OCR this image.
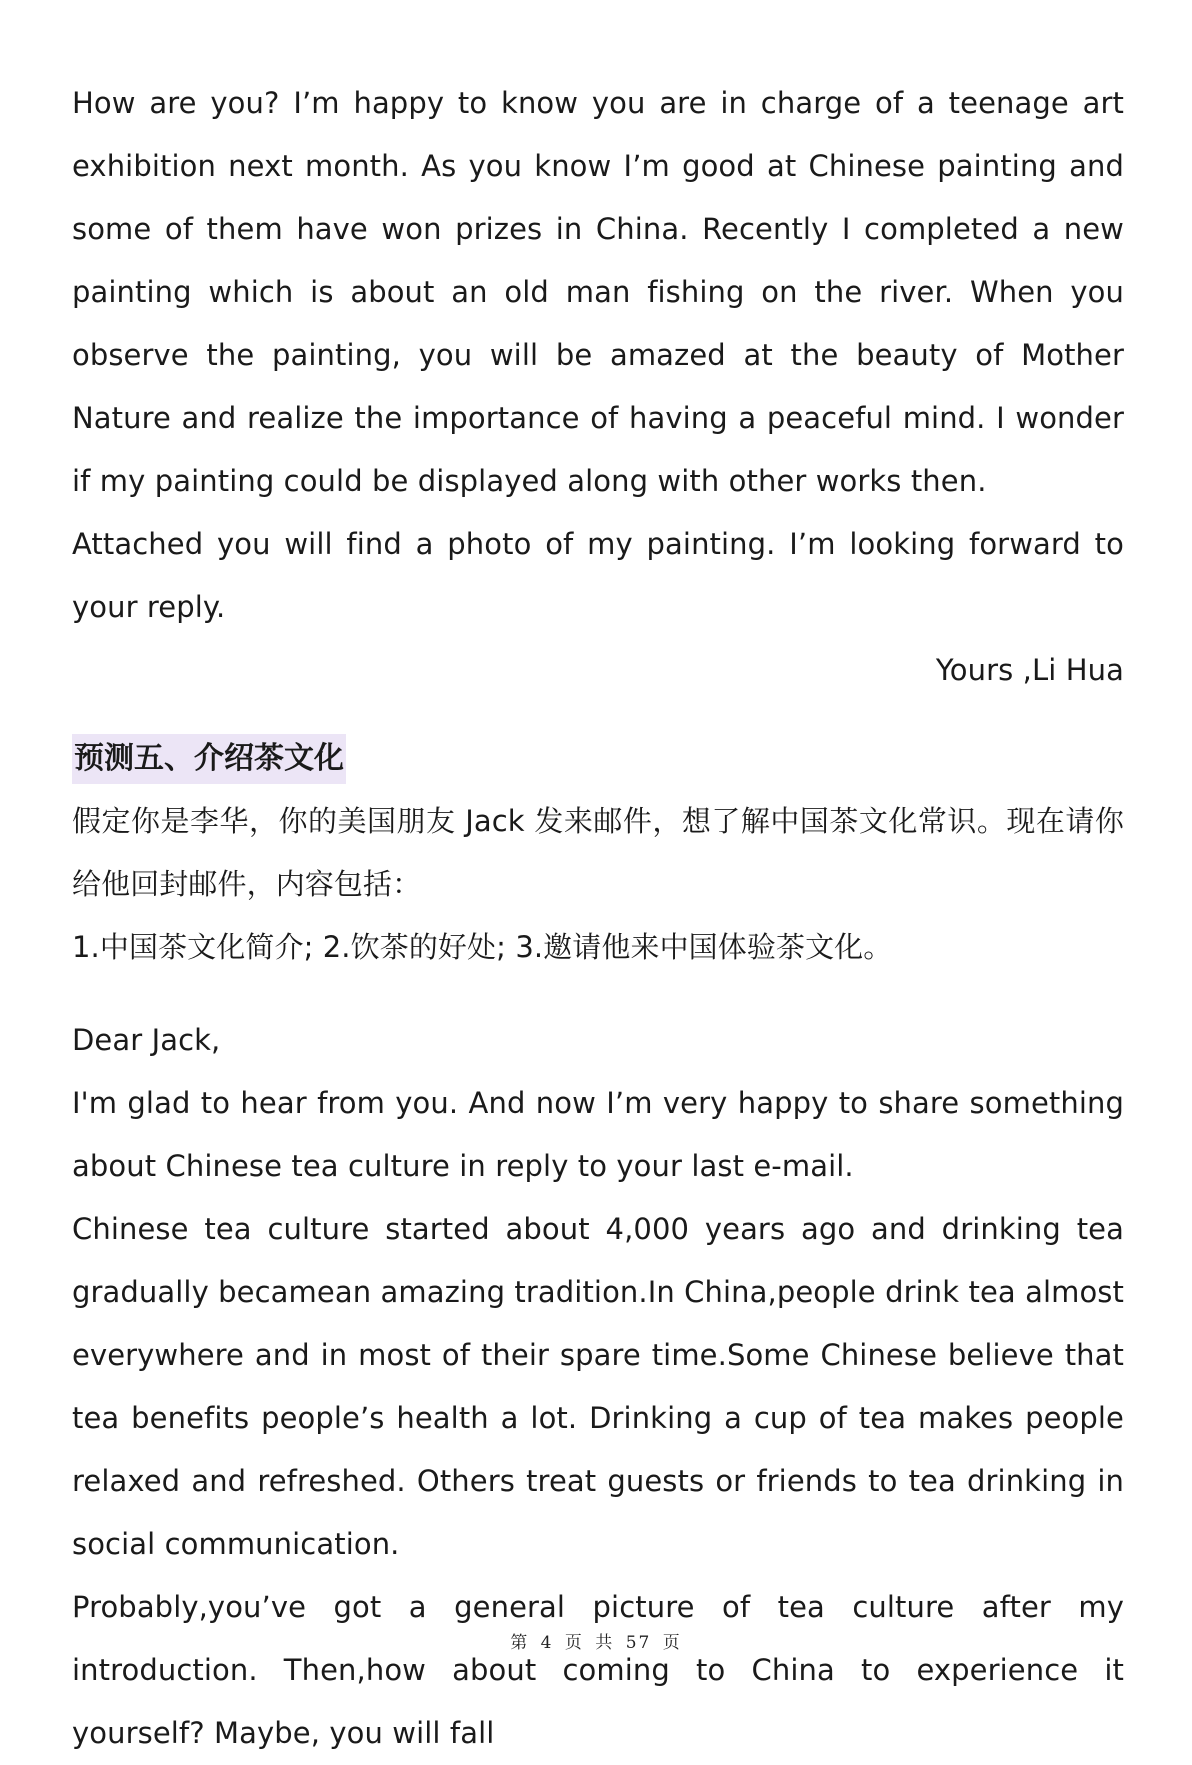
How are you? I’m happy to know you are in charge of a teenage art exhibition next month. As you know I’m good at Chinese painting and some of them have won prizes in China. Recently I completed a new painting which is about an old man fishing on the river. When you observe the painting, you will be amazed at the beauty of Mother Nature and realize the importance of having a peaceful mind. I wonder if my painting could be displayed along with other works then.

Attached you will find a photo of my painting. I’m looking forward to your reply.

Yours ,Li Hua

预测五、介绍茶文化

假定你是李华，你的美国朋友 Jack 发来邮件，想了解中国茶文化常识。现在请你给他回封邮件，内容包括：

1.中国茶文化简介; 2.饮茶的好处; 3.邀请他来中国体验茶文化。

Dear Jack,

I'm glad to hear from you. And now I’m very happy to share something about Chinese tea culture in reply to your last e-mail.

Chinese tea culture started about 4,000 years ago and drinking tea gradually becamean amazing tradition.In China,people drink tea almost everywhere and in most of their spare time.Some Chinese believe that tea benefits people’s health a lot. Drinking a cup of tea makes people relaxed and refreshed. Others treat guests or friends to tea drinking in social communication.

Probably,you’ve got a general picture of tea culture after my introduction. Then,how about coming to China to experience it yourself? Maybe, you will fall

第 4 页 共 57 页
